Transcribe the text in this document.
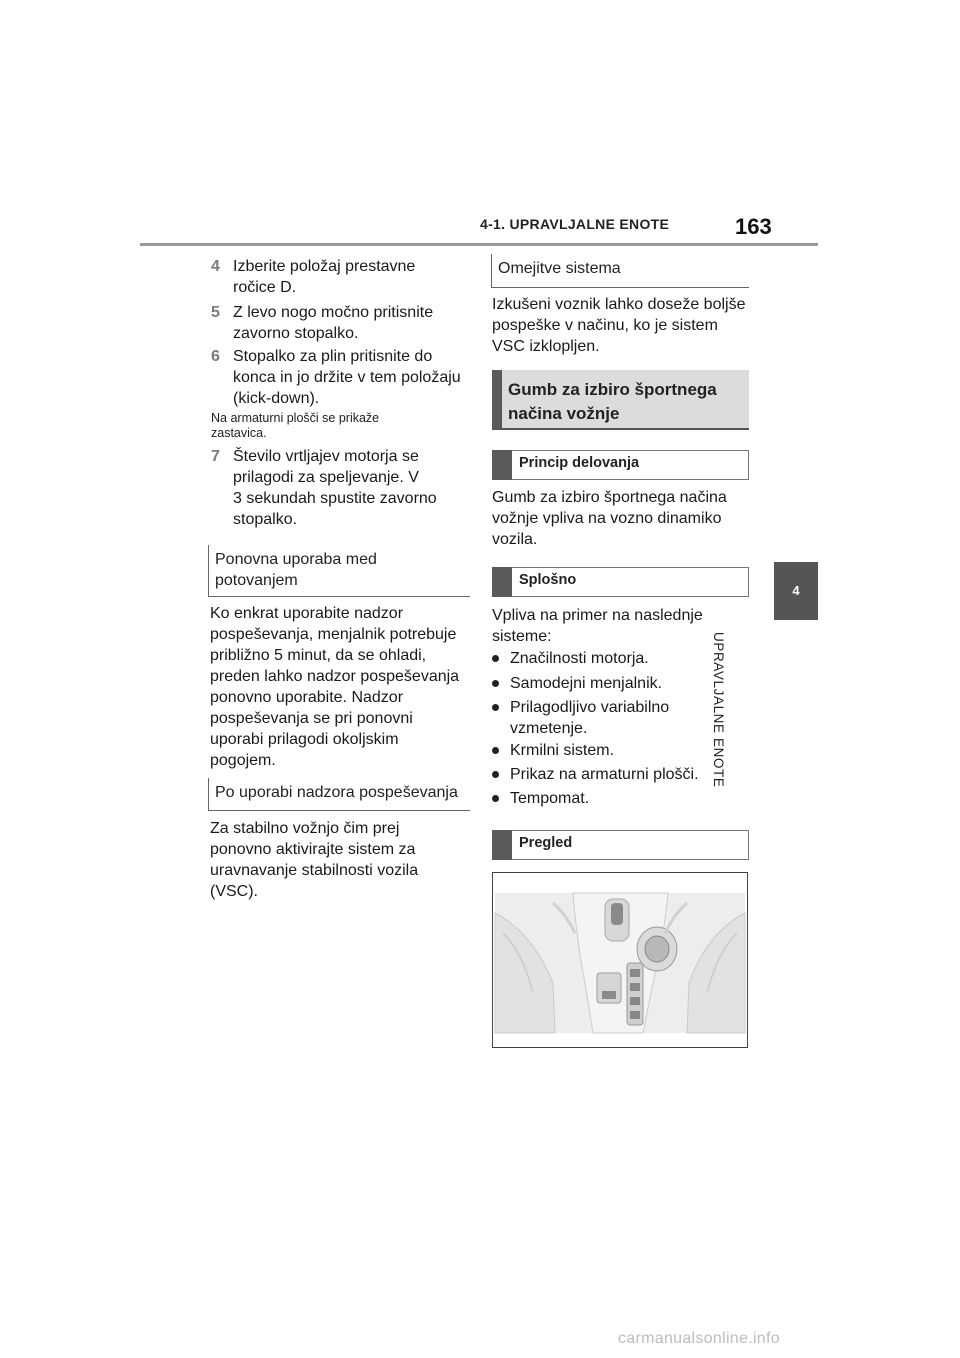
4-1. UPRAVLJALNE ENOTE	163
4
UPRAVLJALNE ENOTE
4 Izberite položaj prestavne
ročice D.
5 Z levo nogo močno pritisnite
zavorno stopalko.
6 Stopalko za plin pritisnite do
konca in jo držite v tem položaju
(kick-down).
Na armaturni plošči se prikaže
zastavica.
7 Število vrtljajev motorja se
prilagodi za speljevanje. V
3 sekundah spustite zavorno
stopalko.
Ponovna uporaba med
potovanjem
Ko enkrat uporabite nadzor
pospeševanja, menjalnik potrebuje
približno 5 minut, da se ohladi,
preden lahko nadzor pospeševanja
ponovno uporabite. Nadzor
pospeševanja se pri ponovni
uporabi prilagodi okoljskim
pogojem.
Po uporabi nadzora pospeševanja
Za stabilno vožnjo čim prej
ponovno aktivirajte sistem za
uravnavanje stabilnosti vozila
(VSC).
Omejitve sistema
Izkušeni voznik lahko doseže boljše
pospeške v načinu, ko je sistem
VSC izklopljen.
Gumb za izbiro športnega
načina vožnje
Princip delovanja
Gumb za izbiro športnega načina
vožnje vpliva na vozno dinamiko
vozila.
Splošno
Vpliva na primer na naslednje
sisteme:
Značilnosti motorja.
Samodejni menjalnik.
Prilagodljivo variabilno
vzmetenje.
Krmilni sistem.
Prikaz na armaturni plošči.
Tempomat.
Pregled
carmanualsonline.info
